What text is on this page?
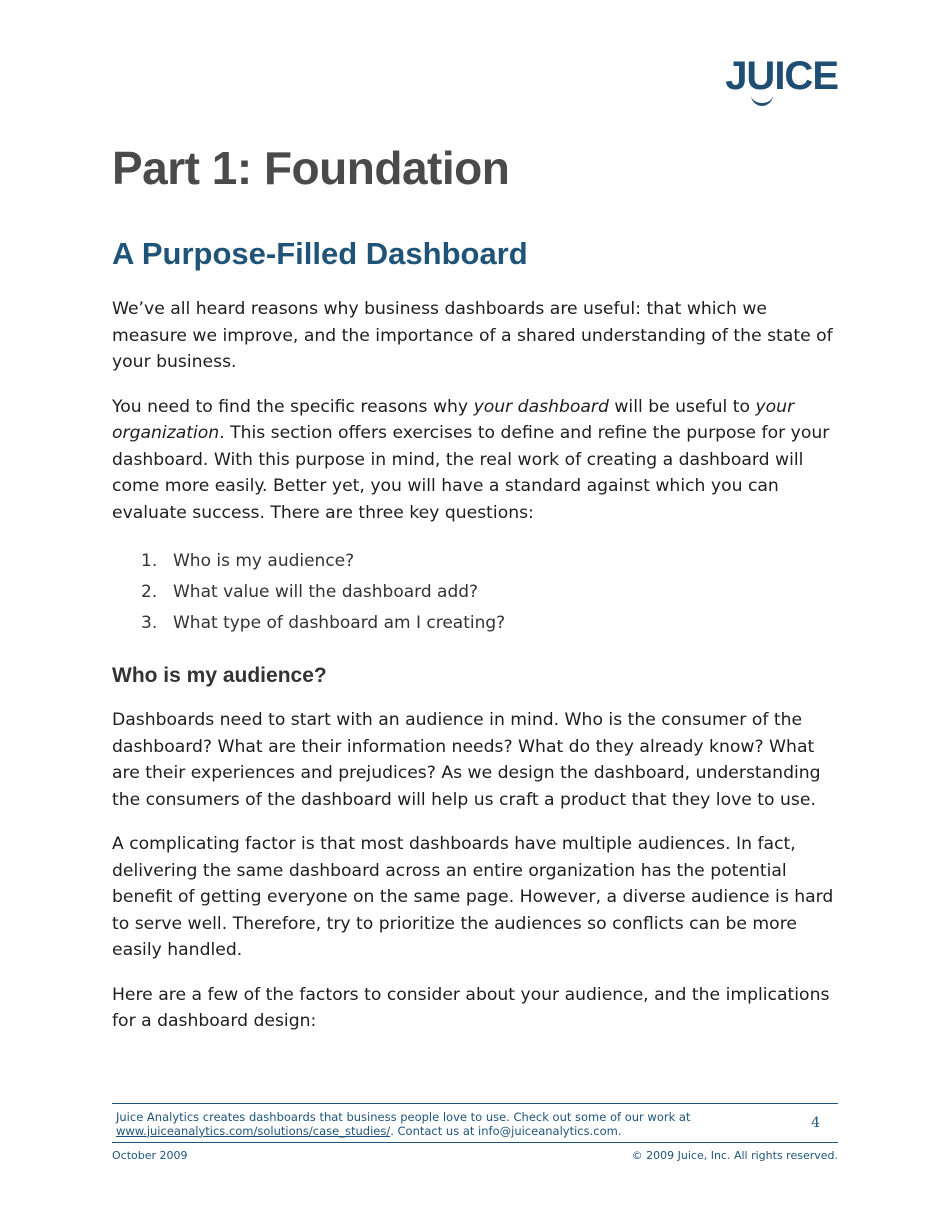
JUICE
Part 1: Foundation
A Purpose-Filled Dashboard

We’ve all heard reasons why business dashboards are useful: that which we measure we improve, and the importance of a shared understanding of the state of your business.

You need to find the specific reasons why your dashboard will be useful to your organization. This section offers exercises to define and refine the purpose for your dashboard. With this purpose in mind, the real work of creating a dashboard will come more easily. Better yet, you will have a standard against which you can evaluate success. There are three key questions:

1. Who is my audience?
2. What value will the dashboard add?
3. What type of dashboard am I creating?
Who is my audience?

Dashboards need to start with an audience in mind. Who is the consumer of the dashboard? What are their information needs? What do they already know? What are their experiences and prejudices? As we design the dashboard, understanding the consumers of the dashboard will help us craft a product that they love to use.

A complicating factor is that most dashboards have multiple audiences. In fact, delivering the same dashboard across an entire organization has the potential benefit of getting everyone on the same page. However, a diverse audience is hard to serve well. Therefore, try to prioritize the audiences so conflicts can be more easily handled.

Here are a few of the factors to consider about your audience, and the implications for a dashboard design:

Juice Analytics creates dashboards that business people love to use. Check out some of our work at
www.juiceanalytics.com/solutions/case_studies/. Contact us at info@juiceanalytics.com.	4
October 2009	© 2009 Juice, Inc. All rights reserved.
